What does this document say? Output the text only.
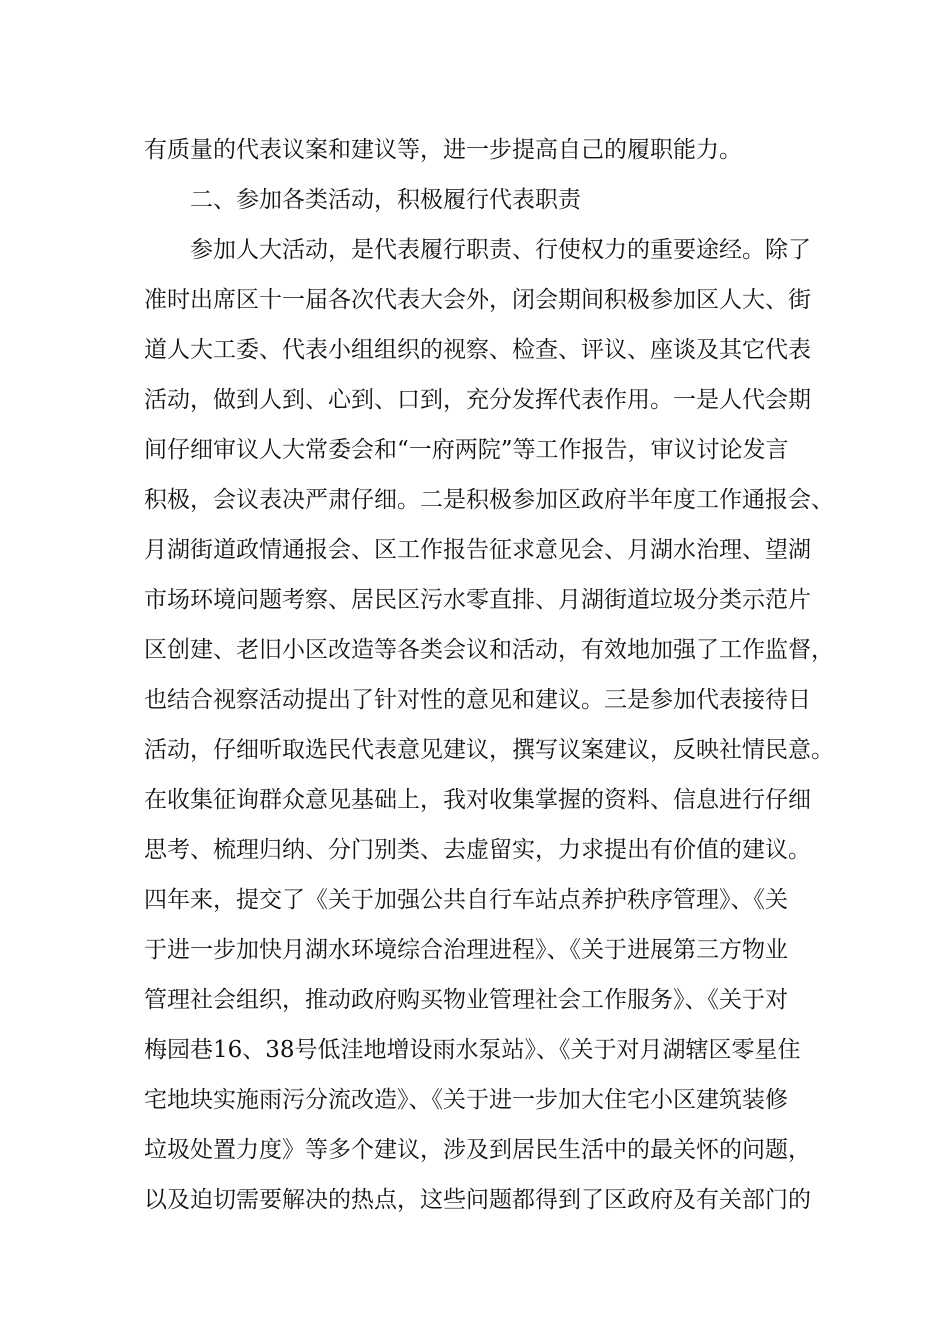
有质量的代表议案和建议等，进一步提高自己的履职能力。
二、参加各类活动，积极履行代表职责
参加人大活动，是代表履行职责、行使权力的重要途经。除了
准时出席区十一届各次代表大会外，闭会期间积极参加区人大、街
道人大工委、代表小组组织的视察、检查、评议、座谈及其它代表
活动，做到人到、心到、口到，充分发挥代表作用。一是人代会期
间仔细审议人大常委会和“一府两院”等工作报告，审议讨论发言
积极，会议表决严肃仔细。二是积极参加区政府半年度工作通报会、
月湖街道政情通报会、区工作报告征求意见会、月湖水治理、望湖
市场环境问题考察、居民区污水零直排、月湖街道垃圾分类示范片
区创建、老旧小区改造等各类会议和活动，有效地加强了工作监督，
也结合视察活动提出了针对性的意见和建议。三是参加代表接待日
活动，仔细听取选民代表意见建议，撰写议案建议，反映社情民意。
在收集征询群众意见基础上，我对收集掌握的资料、信息进行仔细
思考、梳理归纳、分门别类、去虚留实，力求提出有价值的建议。
四年来，提交了《关于加强公共自行车站点养护秩序管理》、《关
于进一步加快月湖水环境综合治理进程》、《关于进展第三方物业
管理社会组织，推动政府购买物业管理社会工作服务》、《关于对
梅园巷16、38号低洼地增设雨水泵站》、《关于对月湖辖区零星住
宅地块实施雨污分流改造》、《关于进一步加大住宅小区建筑装修
垃圾处置力度》等多个建议，涉及到居民生活中的最关怀的问题，
以及迫切需要解决的热点，这些问题都得到了区政府及有关部门的
